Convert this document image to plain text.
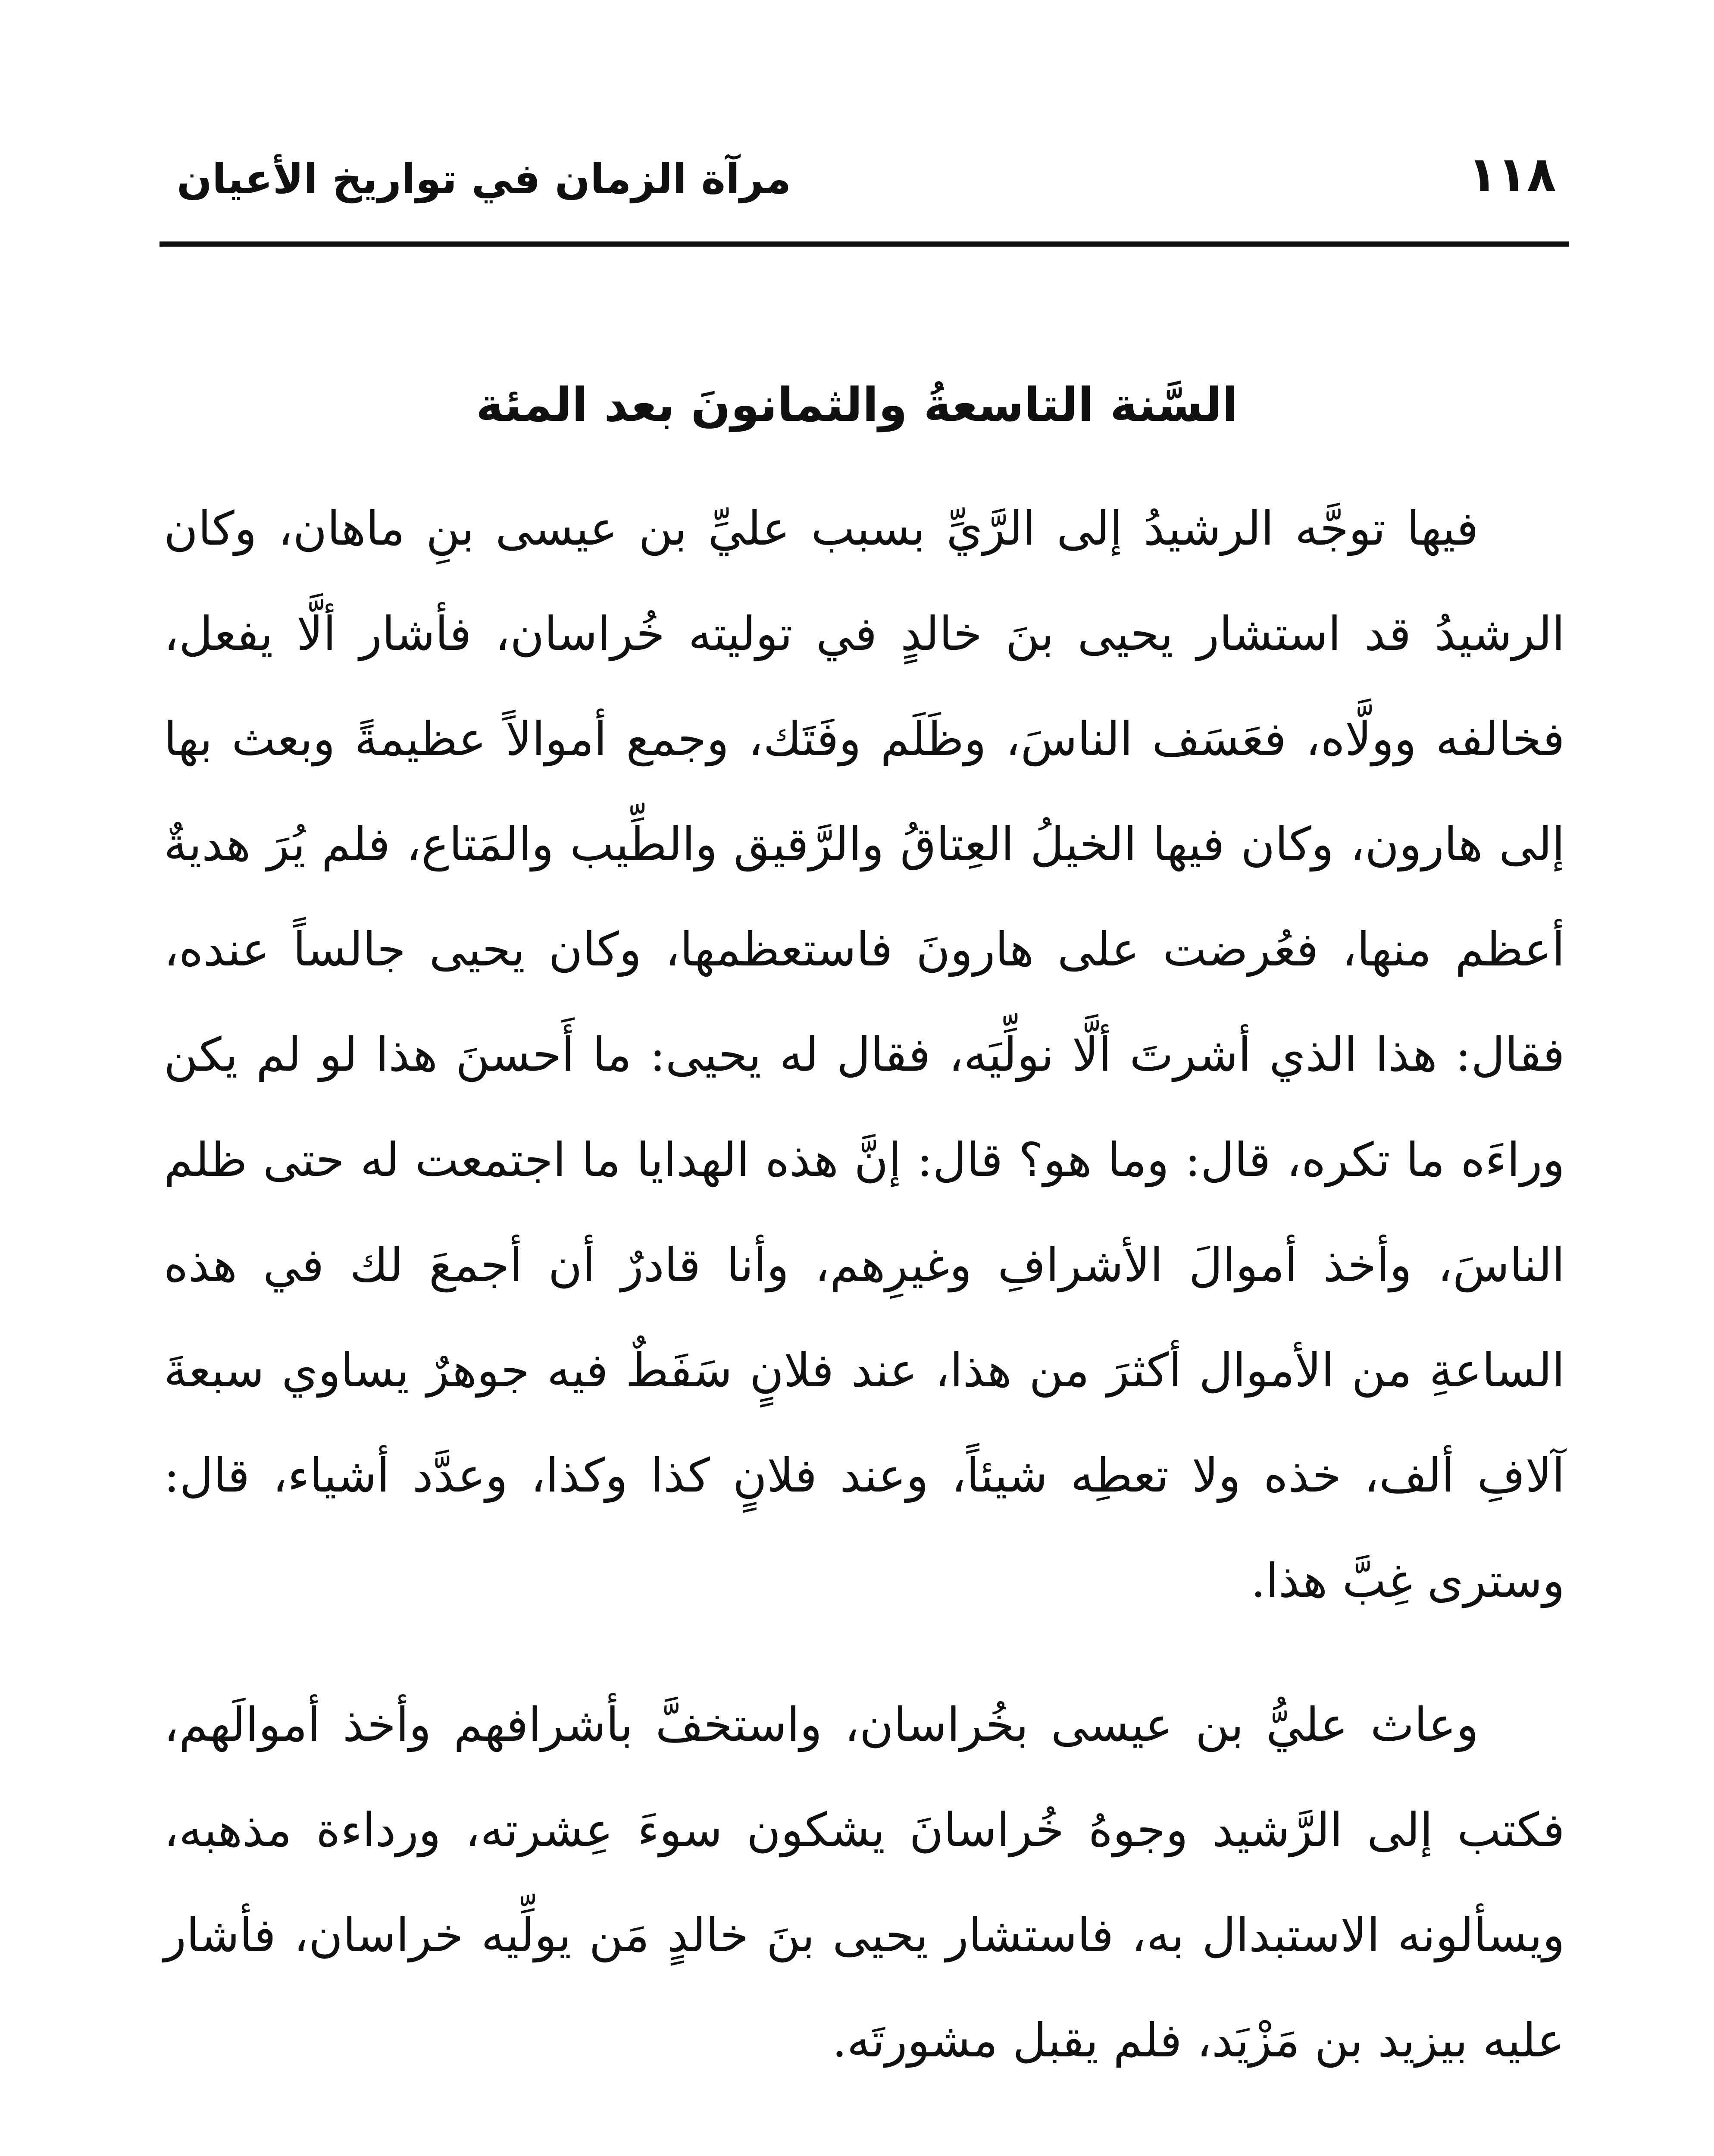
١١٨
مرآة الزمان في تواريخ الأعيان
السَّنة التاسعةُ والثمانونَ بعد المئة

فيها توجَّه الرشيدُ إلى الرَّيِّ بسبب عليِّ بن عيسى بنِ ماهان، وكان الرشيدُ قد استشار يحيى بنَ خالدٍ في توليته خُراسان، فأشار ألَّا يفعل، فخالفه وولَّاه، فعَسَف الناسَ، وظَلَم وفَتَك، وجمع أموالاً عظيمةً وبعث بها إلى هارون، وكان فيها الخيلُ العِتاقُ والرَّقيق والطِّيب والمَتاع، فلم يُرَ هديةٌ أعظم منها، فعُرضت على هارونَ فاستعظمها، وكان يحيى جالساً عنده، فقال: هذا الذي أشرتَ ألَّا نولِّيَه، فقال له يحيى: ما أَحسنَ هذا لو لم يكن وراءَه ما تكره، قال: وما هو؟ قال: إنَّ هذه الهدايا ما اجتمعت له حتى ظلم الناسَ، وأخذ أموالَ الأشرافِ وغيرِهم، وأنا قادرٌ أن أجمعَ لك في هذه الساعةِ من الأموال أكثرَ من هذا، عند فلانٍ سَفَطٌ فيه جوهرٌ يساوي سبعةَ آلافِ ألف، خذه ولا تعطِه شيئاً، وعند فلانٍ كذا وكذا، وعدَّد أشياء، قال: وسترى غِبَّ هذا.

وعاث عليُّ بن عيسى بخُراسان، واستخفَّ بأشرافهم وأخذ أموالَهم، فكتب إلى الرَّشيد وجوهُ خُراسانَ يشكون سوءَ عِشرته، ورداءة مذهبه، ويسألونه الاستبدال به، فاستشار يحيى بنَ خالدٍ مَن يولِّيه خراسان، فأشار عليه بيزيد بن مَزْيَد، فلم يقبل مشورتَه.
